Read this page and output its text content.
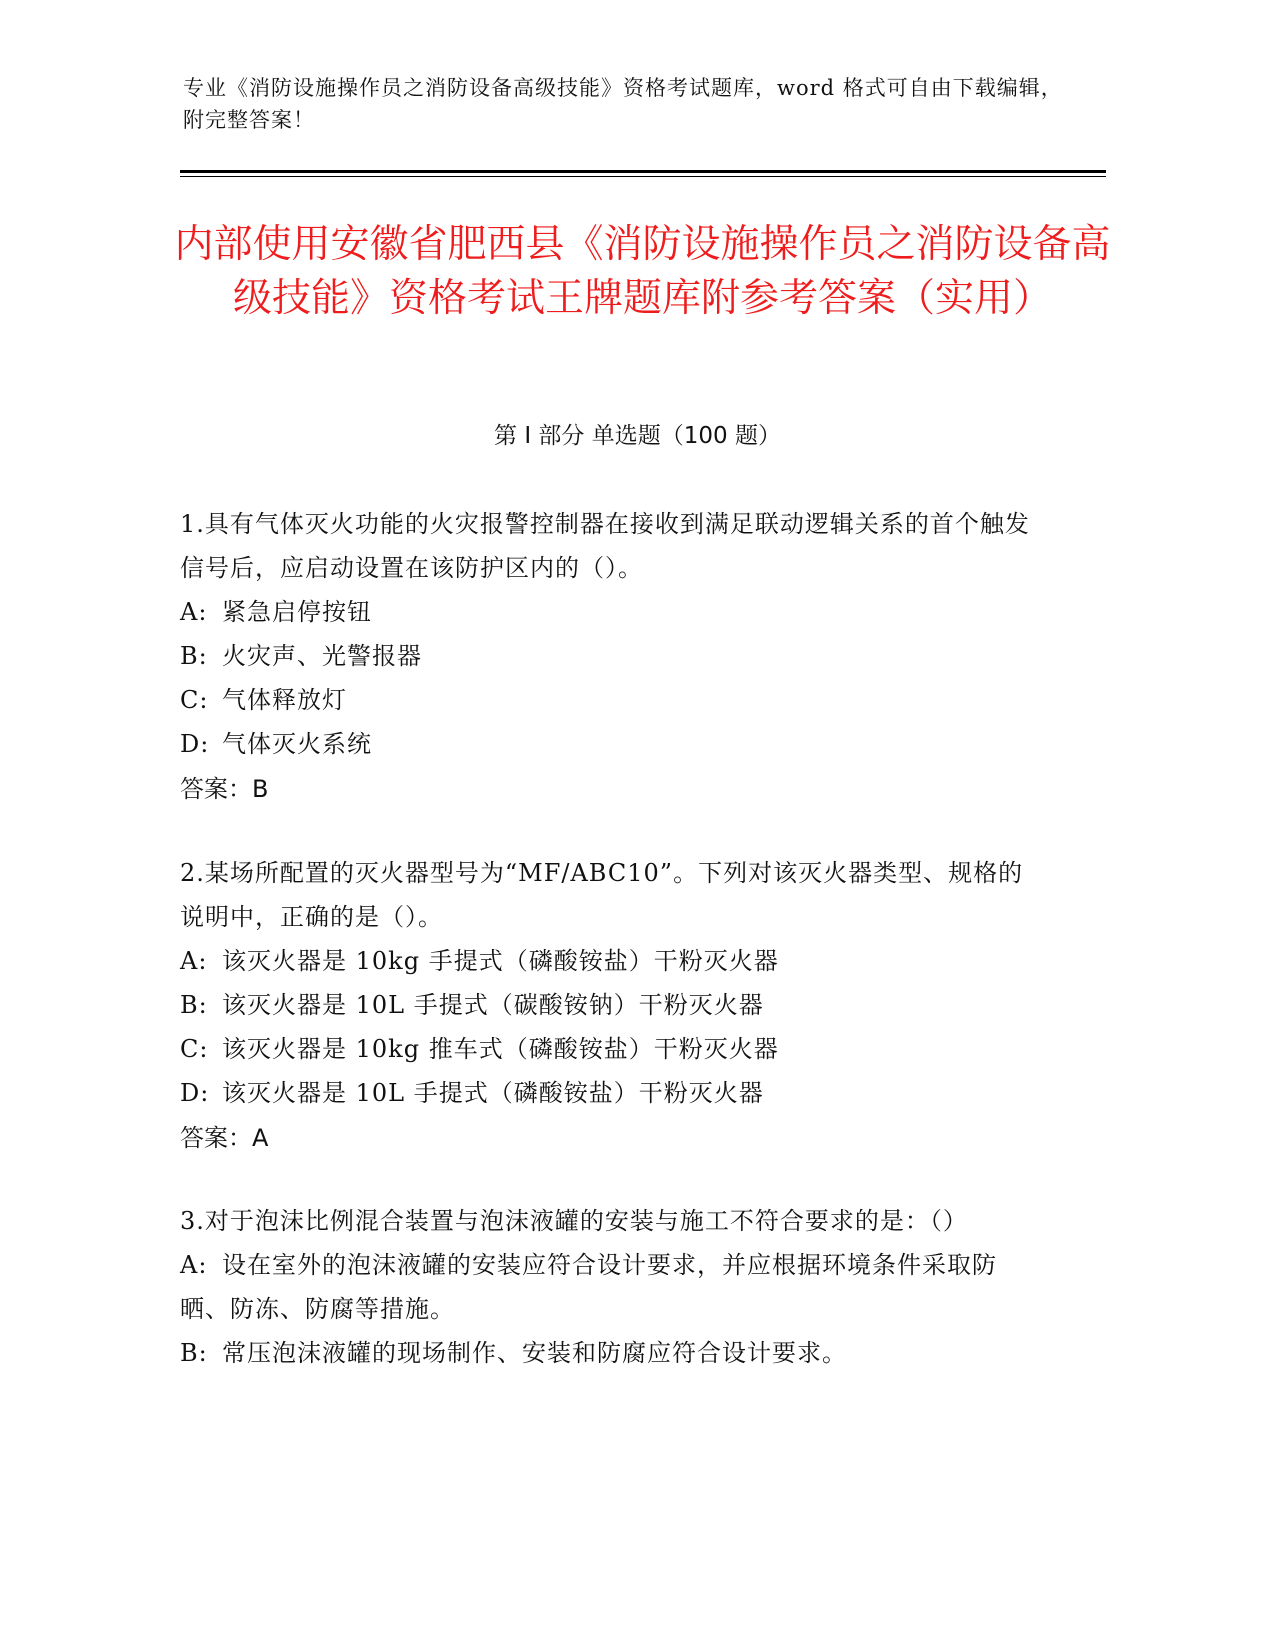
专业《消防设施操作员之消防设备高级技能》资格考试题库，word 格式可自由下载编辑，附完整答案！
内部使用安徽省肥西县《消防设施操作员之消防设备高级技能》资格考试王牌题库附参考答案（实用）
第 I 部分 单选题（100 题）
1.具有气体灭火功能的火灾报警控制器在接收到满足联动逻辑关系的首个触发信号后，应启动设置在该防护区内的（）。
A: 紧急启停按钮
B: 火灾声、光警报器
C: 气体释放灯
D: 气体灭火系统
答案：B
2.某场所配置的灭火器型号为“MF/ABC10”。下列对该灭火器类型、规格的说明中，正确的是（）。
A: 该灭火器是 10kg 手提式（磷酸铵盐）干粉灭火器
B: 该灭火器是 10L 手提式（碳酸铵钠）干粉灭火器
C: 该灭火器是 10kg 推车式（磷酸铵盐）干粉灭火器
D: 该灭火器是 10L 手提式（磷酸铵盐）干粉灭火器
答案：A
3.对于泡沫比例混合装置与泡沫液罐的安装与施工不符合要求的是：（）
A: 设在室外的泡沫液罐的安装应符合设计要求，并应根据环境条件采取防晒、防冻、防腐等措施。
B: 常压泡沫液罐的现场制作、安装和防腐应符合设计要求。
